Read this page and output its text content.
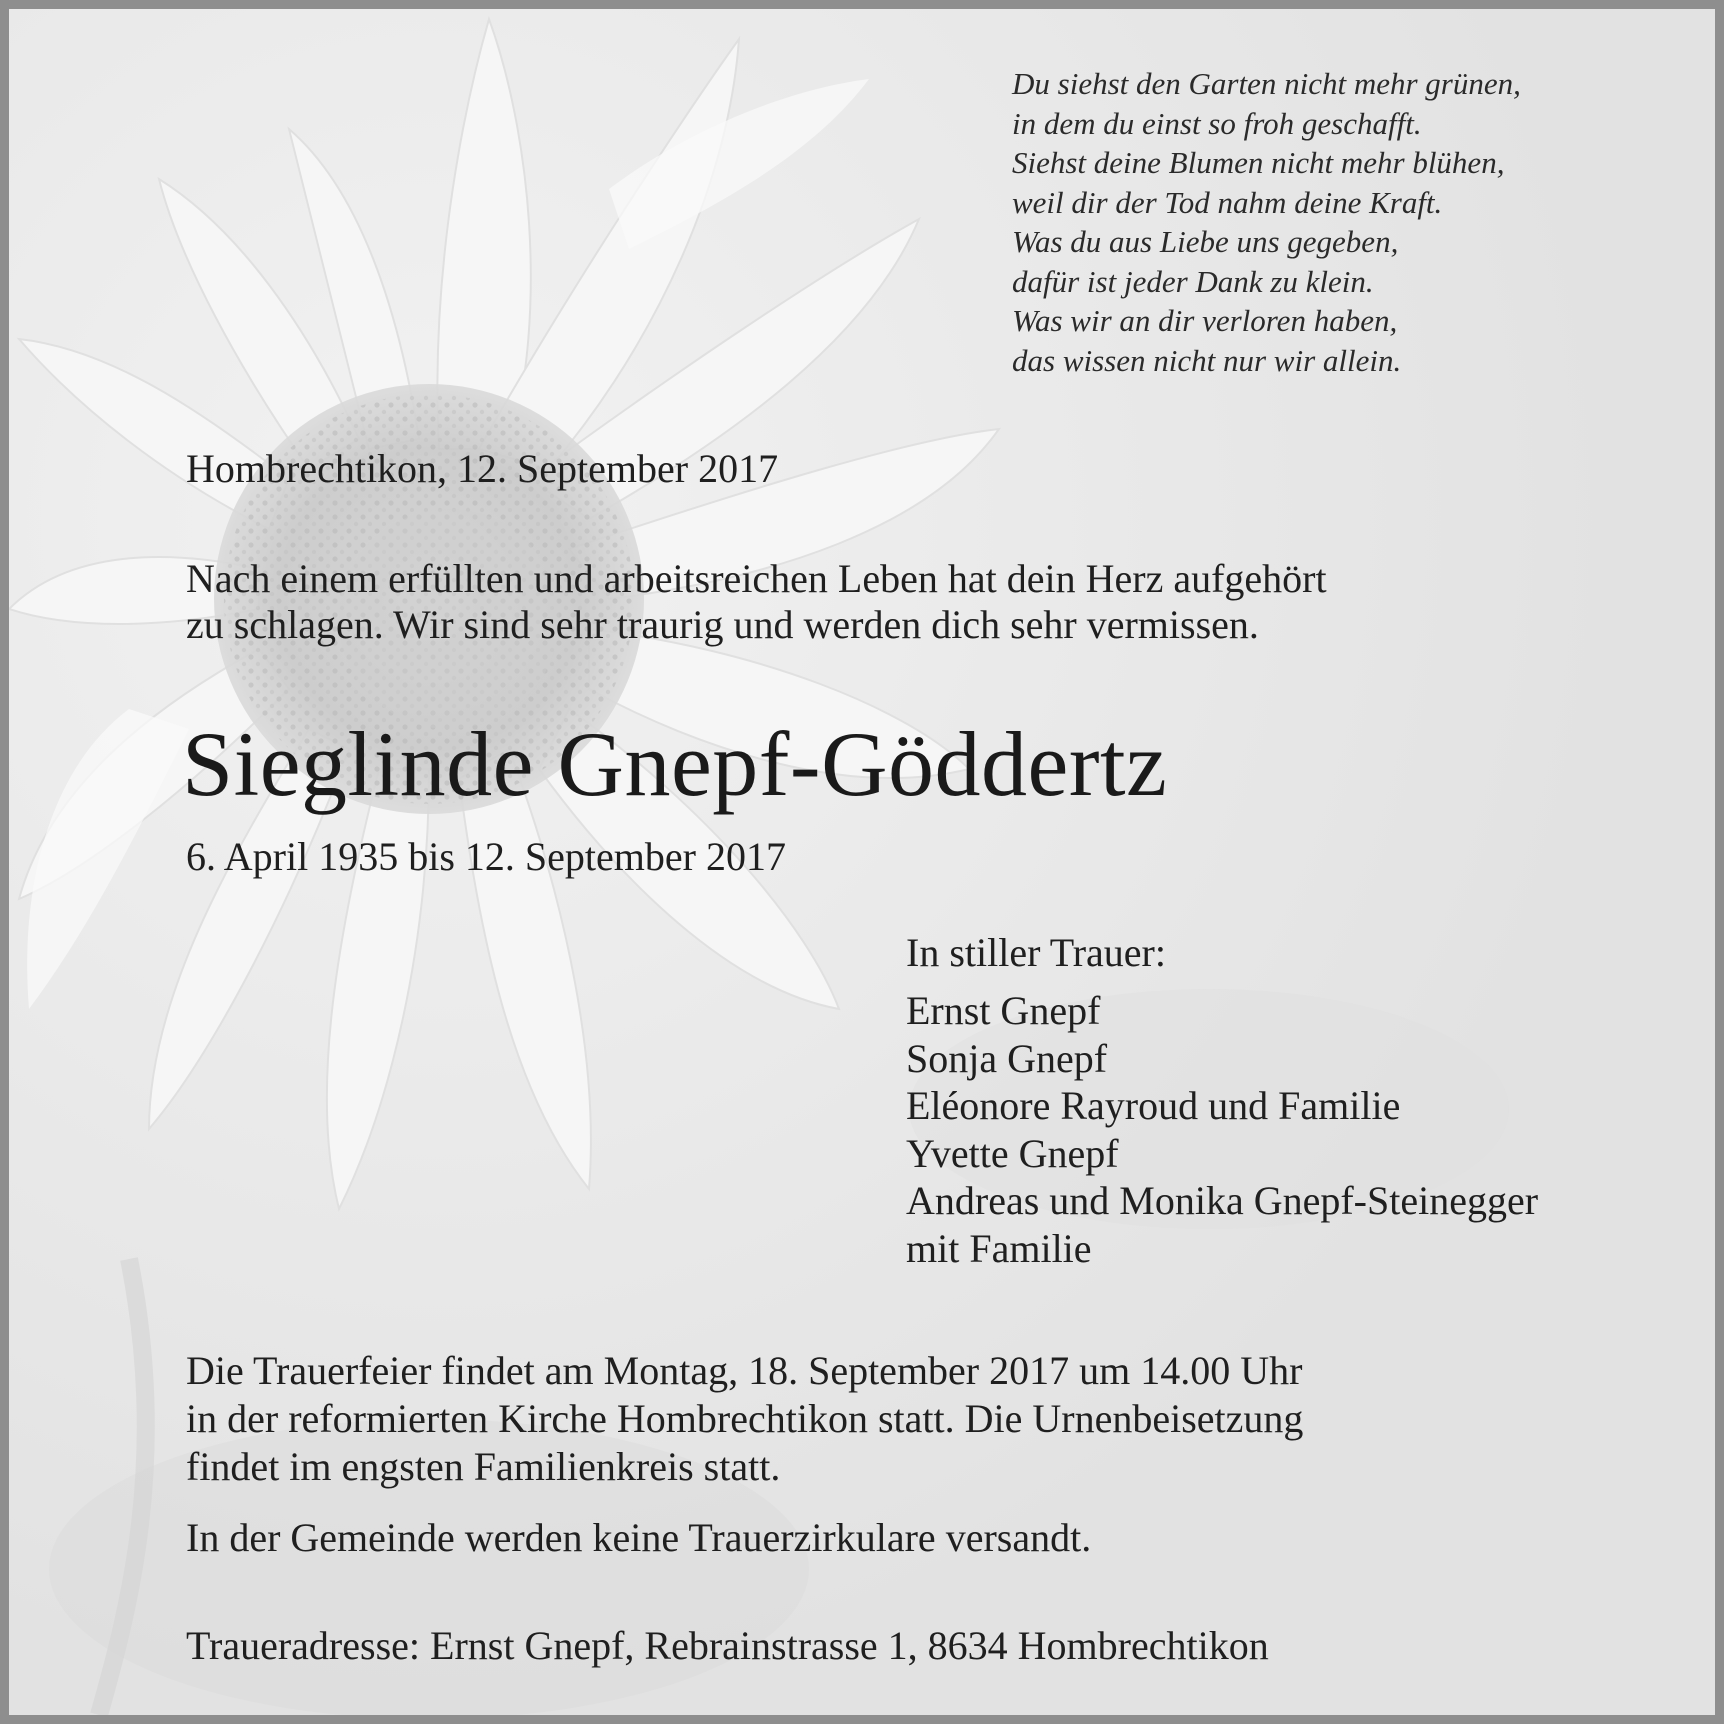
Du siehst den Garten nicht mehr grünen,
in dem du einst so froh geschafft.
Siehst deine Blumen nicht mehr blühen,
weil dir der Tod nahm deine Kraft.
Was du aus Liebe uns gegeben,
dafür ist jeder Dank zu klein.
Was wir an dir verloren haben,
das wissen nicht nur wir allein.
Hombrechtikon, 12. September 2017
Nach einem erfüllten und arbeitsreichen Leben hat dein Herz aufgehört
zu schlagen. Wir sind sehr traurig und werden dich sehr vermissen.
Sieglinde Gnepf-Göddertz
6. April 1935 bis 12. September 2017
In stiller Trauer:
Ernst Gnepf
Sonja Gnepf
Eléonore Rayroud und Familie
Yvette Gnepf
Andreas und Monika Gnepf-Steinegger
mit Familie
Die Trauerfeier findet am Montag, 18. September 2017 um 14.00 Uhr
in der reformierten Kirche Hombrechtikon statt. Die Urnenbeisetzung
findet im engsten Familienkreis statt.
In der Gemeinde werden keine Trauerzirkulare versandt.
Traueradresse: Ernst Gnepf, Rebrainstrasse 1, 8634 Hombrechtikon
